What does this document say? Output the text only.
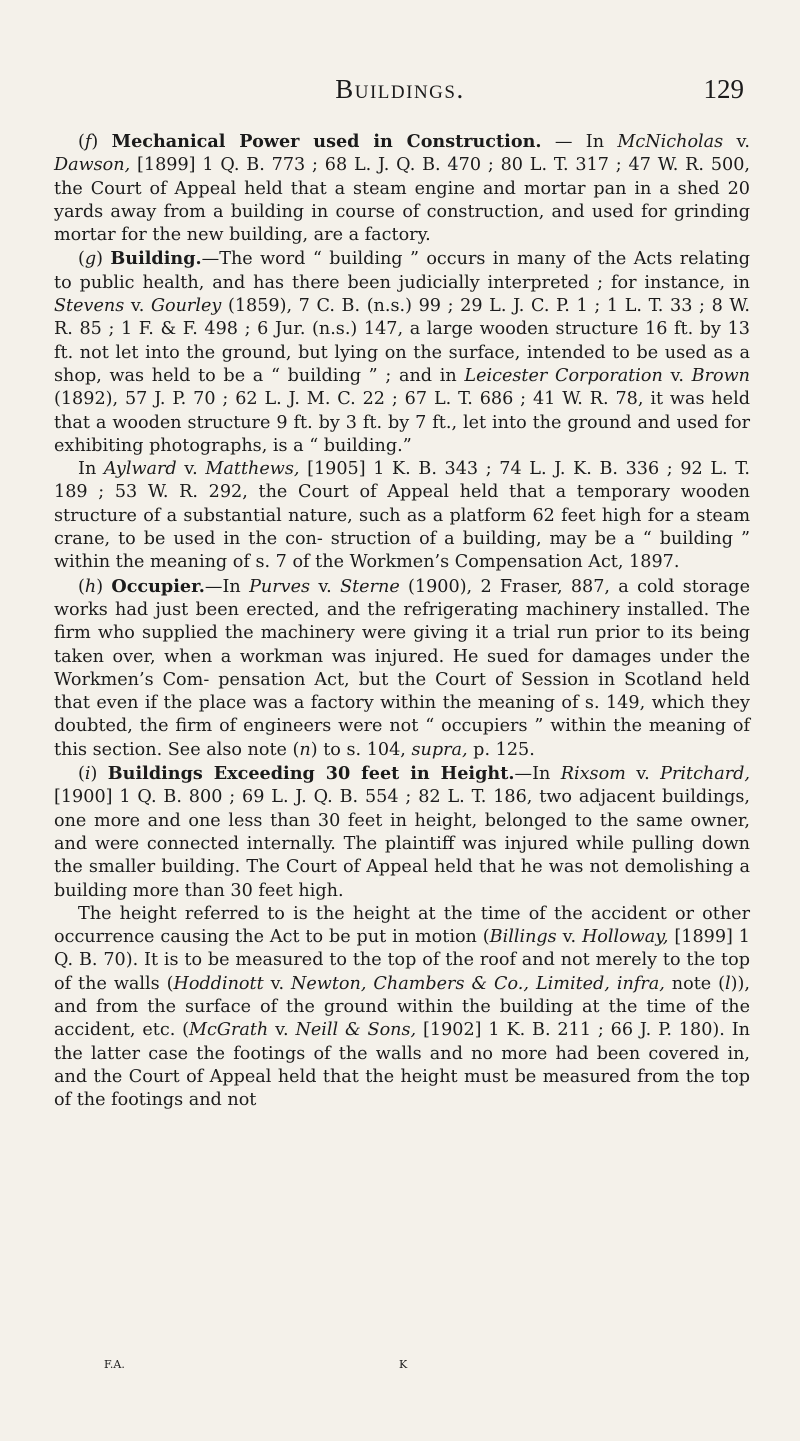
Buildings.	129

(f) Mechanical Power used in Construction. — In McNicholas v. Dawson, [1899] 1 Q. B. 773 ; 68 L. J. Q. B. 470 ; 80 L. T. 317 ; 47 W. R. 500, the Court of Appeal held that a steam engine and mortar pan in a shed 20 yards away from a building in course of construction, and used for grinding mortar for the new building, are a factory.

(g) Building.—The word “ building ” occurs in many of the Acts relating to public health, and has there been judicially interpreted ; for instance, in Stevens v. Gourley (1859), 7 C. B. (n.s.) 99 ; 29 L. J. C. P. 1 ; 1 L. T. 33 ; 8 W. R. 85 ; 1 F. & F. 498 ; 6 Jur. (n.s.) 147, a large wooden structure 16 ft. by 13 ft. not let into the ground, but lying on the surface, intended to be used as a shop, was held to be a “ building ” ; and in Leicester Corporation v. Brown (1892), 57 J. P. 70 ; 62 L. J. M. C. 22 ; 67 L. T. 686 ; 41 W. R. 78, it was held that a wooden structure 9 ft. by 3 ft. by 7 ft., let into the ground and used for exhibiting photographs, is a “ building.”

In Aylward v. Matthews, [1905] 1 K. B. 343 ; 74 L. J. K. B. 336 ; 92 L. T. 189 ; 53 W. R. 292, the Court of Appeal held that a temporary wooden structure of a substantial nature, such as a platform 62 feet high for a steam crane, to be used in the con- struction of a building, may be a “ building ” within the meaning of s. 7 of the Workmen’s Compensation Act, 1897.

(h) Occupier.—In Purves v. Sterne (1900), 2 Fraser, 887, a cold storage works had just been erected, and the refrigerating machinery installed. The firm who supplied the machinery were giving it a trial run prior to its being taken over, when a workman was injured. He sued for damages under the Workmen’s Com- pensation Act, but the Court of Session in Scotland held that even if the place was a factory within the meaning of s. 149, which they doubted, the firm of engineers were not “ occupiers ” within the meaning of this section. See also note (n) to s. 104, supra, p. 125.

(i) Buildings Exceeding 30 feet in Height.—In Rixsom v. Pritchard, [1900] 1 Q. B. 800 ; 69 L. J. Q. B. 554 ; 82 L. T. 186, two adjacent buildings, one more and one less than 30 feet in height, belonged to the same owner, and were connected internally. The plaintiff was injured while pulling down the smaller building. The Court of Appeal held that he was not demolishing a building more than 30 feet high.

The height referred to is the height at the time of the accident or other occurrence causing the Act to be put in motion (Billings v. Holloway, [1899] 1 Q. B. 70). It is to be measured to the top of the roof and not merely to the top of the walls (Hoddinott v. Newton, Chambers & Co., Limited, infra, note (l)), and from the surface of the ground within the building at the time of the accident, etc. (McGrath v. Neill & Sons, [1902] 1 K. B. 211 ; 66 J. P. 180). In the latter case the footings of the walls and no more had been covered in, and the Court of Appeal held that the height must be measured from the top of the footings and not

F.A.	K
